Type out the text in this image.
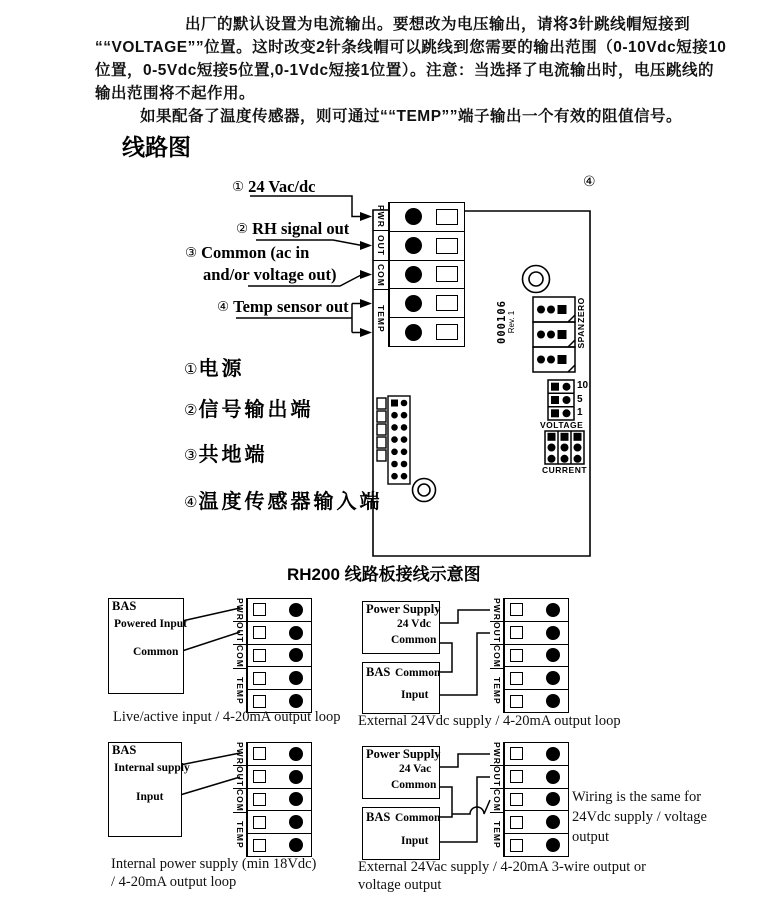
出厂的默认设置为电流输出。要想改为电压输出，请将3针跳线帽短接到
““VOLTAGE””位置。这时改变2针条线帽可以跳线到您需要的输出范围（0-10Vdc短接10
位置，0-5Vdc短接5位置,0-1Vdc短接1位置）。注意：当选择了电流输出时，电压跳线的
输出范围将不起作用。
如果配备了温度传感器，则可通过““TEMP””端子输出一个有效的阻值信号。
线路图
① 24 Vac/dc
② RH signal out
③ Common (ac in
and/or voltage out)
④ Temp sensor out
④
①电源
②信号输出端
③共地端
④温度传感器输入端
000106 Rev. 1	ZERO
SPAN
10
5
1
VOLTAGE
CURRENT
PWR
OUT
COM
TEMP
RH200 线路板接线示意图
PWR
OUT
COM
TEMP
PWR
OUT
COM
TEMP
PWR
OUT
COM
TEMP
PWR
OUT
COM
TEMP
BAS
Powered Input
Common
Live/active input / 4-20mA output loop
Power Supply
24 Vdc
Common
BAS Common
Input
External 24Vdc supply / 4-20mA output loop
BAS
Internal supply
Input
Internal power supply (min 18Vdc)
/ 4-20mA output loop
Power Supply
24 Vac
Common
BAS Common
Input
Wiring is the same for
24Vdc supply / voltage
output
External 24Vac supply / 4-20mA 3-wire output or
voltage output
